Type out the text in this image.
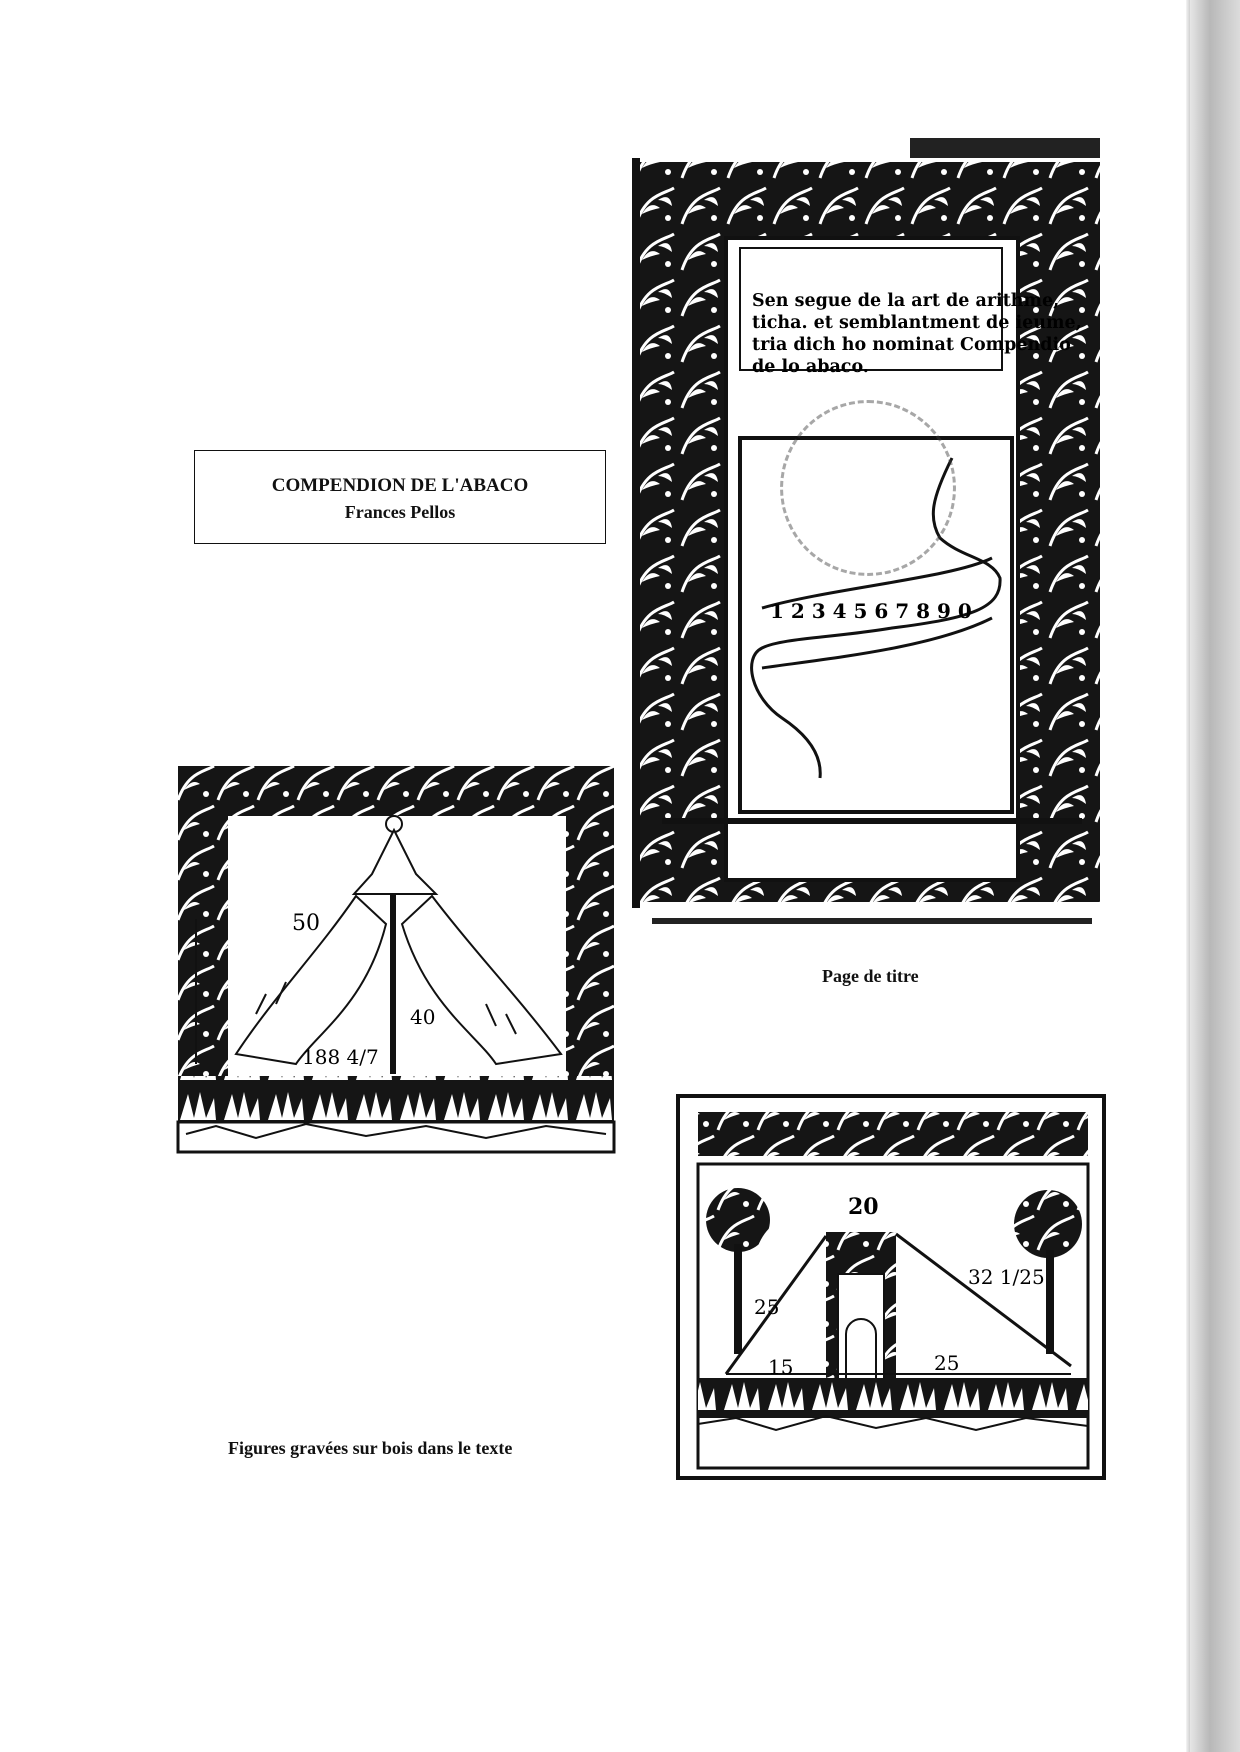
COMPENDION DE L'ABACO
Frances Pellos
Sen segue de la art de arithme,
ticha. et semblantment de ieume,
tria dich ho nominat Compendio
de lo abaco.
1 2 3 4 5 6 7 8 9 0
Page de titre
50
40
188 4/7
Figures gravées sur bois dans le texte
20
25
32 1/25
15	25
